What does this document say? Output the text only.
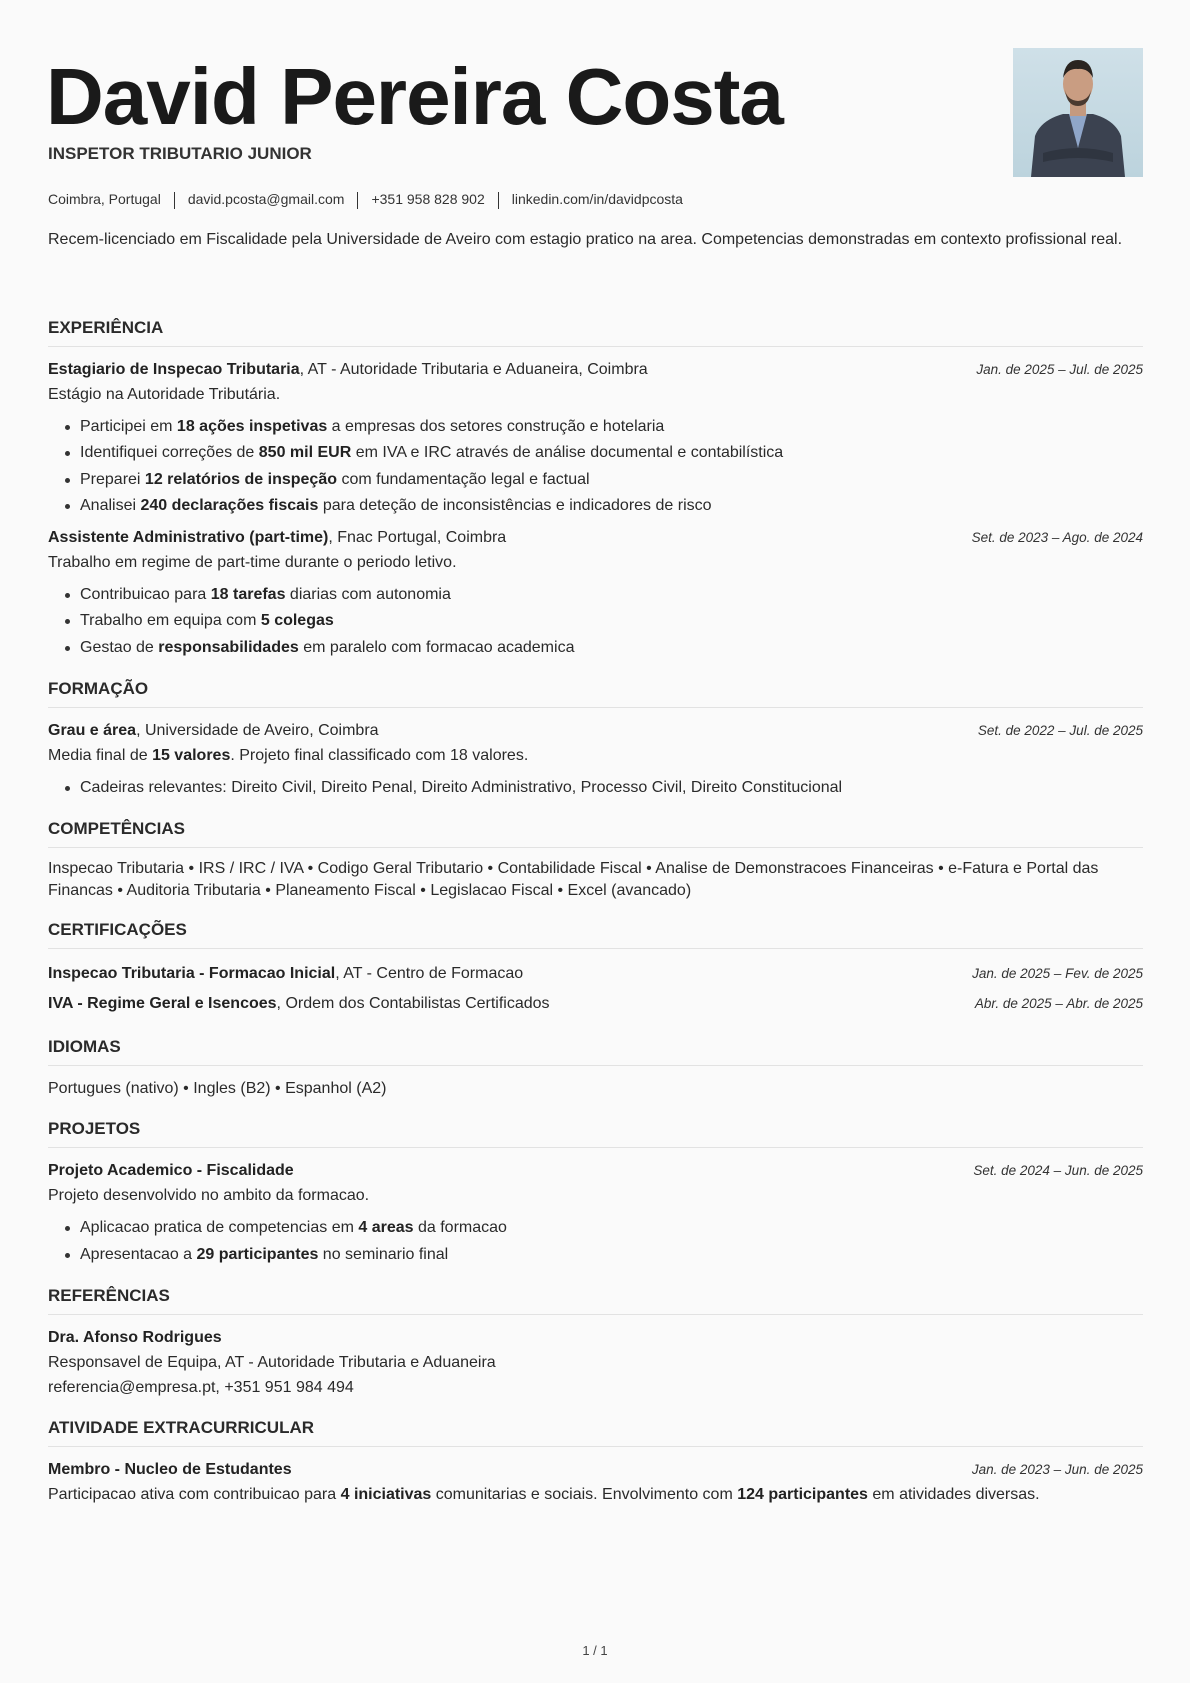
David Pereira Costa
INSPETOR TRIBUTARIO JUNIOR
Coimbra, Portugal	david.pcosta@gmail.com	+351 958 828 902	linkedin.com/in/davidpcosta
Recem-licenciado em Fiscalidade pela Universidade de Aveiro com estagio pratico na area. Competencias demonstradas em contexto profissional real.
EXPERIÊNCIA
Estagiario de Inspecao Tributaria, AT - Autoridade Tributaria e Aduaneira, Coimbra	Jan. de 2025 – Jul. de 2025
Estágio na Autoridade Tributária.
Participei em 18 ações inspetivas a empresas dos setores construção e hotelaria
Identifiquei correções de 850 mil EUR em IVA e IRC através de análise documental e contabilística
Preparei 12 relatórios de inspeção com fundamentação legal e factual
Analisei 240 declarações fiscais para deteção de inconsistências e indicadores de risco
Assistente Administrativo (part-time), Fnac Portugal, Coimbra	Set. de 2023 – Ago. de 2024
Trabalho em regime de part-time durante o periodo letivo.
Contribuicao para 18 tarefas diarias com autonomia
Trabalho em equipa com 5 colegas
Gestao de responsabilidades em paralelo com formacao academica
FORMAÇÃO
Grau e área, Universidade de Aveiro, Coimbra	Set. de 2022 – Jul. de 2025
Media final de 15 valores. Projeto final classificado com 18 valores.
Cadeiras relevantes: Direito Civil, Direito Penal, Direito Administrativo, Processo Civil, Direito Constitucional
COMPETÊNCIAS
Inspecao Tributaria • IRS / IRC / IVA • Codigo Geral Tributario • Contabilidade Fiscal • Analise de Demonstracoes Financeiras • e-Fatura e Portal das Financas • Auditoria Tributaria • Planeamento Fiscal • Legislacao Fiscal • Excel (avancado)
CERTIFICAÇÕES
Inspecao Tributaria - Formacao Inicial, AT - Centro de Formacao	Jan. de 2025 – Fev. de 2025
IVA - Regime Geral e Isencoes, Ordem dos Contabilistas Certificados	Abr. de 2025 – Abr. de 2025
IDIOMAS
Portugues (nativo) • Ingles (B2) • Espanhol (A2)
PROJETOS
Projeto Academico - Fiscalidade	Set. de 2024 – Jun. de 2025
Projeto desenvolvido no ambito da formacao.
Aplicacao pratica de competencias em 4 areas da formacao
Apresentacao a 29 participantes no seminario final
REFERÊNCIAS
Dra. Afonso Rodrigues
Responsavel de Equipa, AT - Autoridade Tributaria e Aduaneira
referencia@empresa.pt, +351 951 984 494
ATIVIDADE EXTRACURRICULAR
Membro - Nucleo de Estudantes	Jan. de 2023 – Jun. de 2025
Participacao ativa com contribuicao para 4 iniciativas comunitarias e sociais. Envolvimento com 124 participantes em atividades diversas.
1 / 1
